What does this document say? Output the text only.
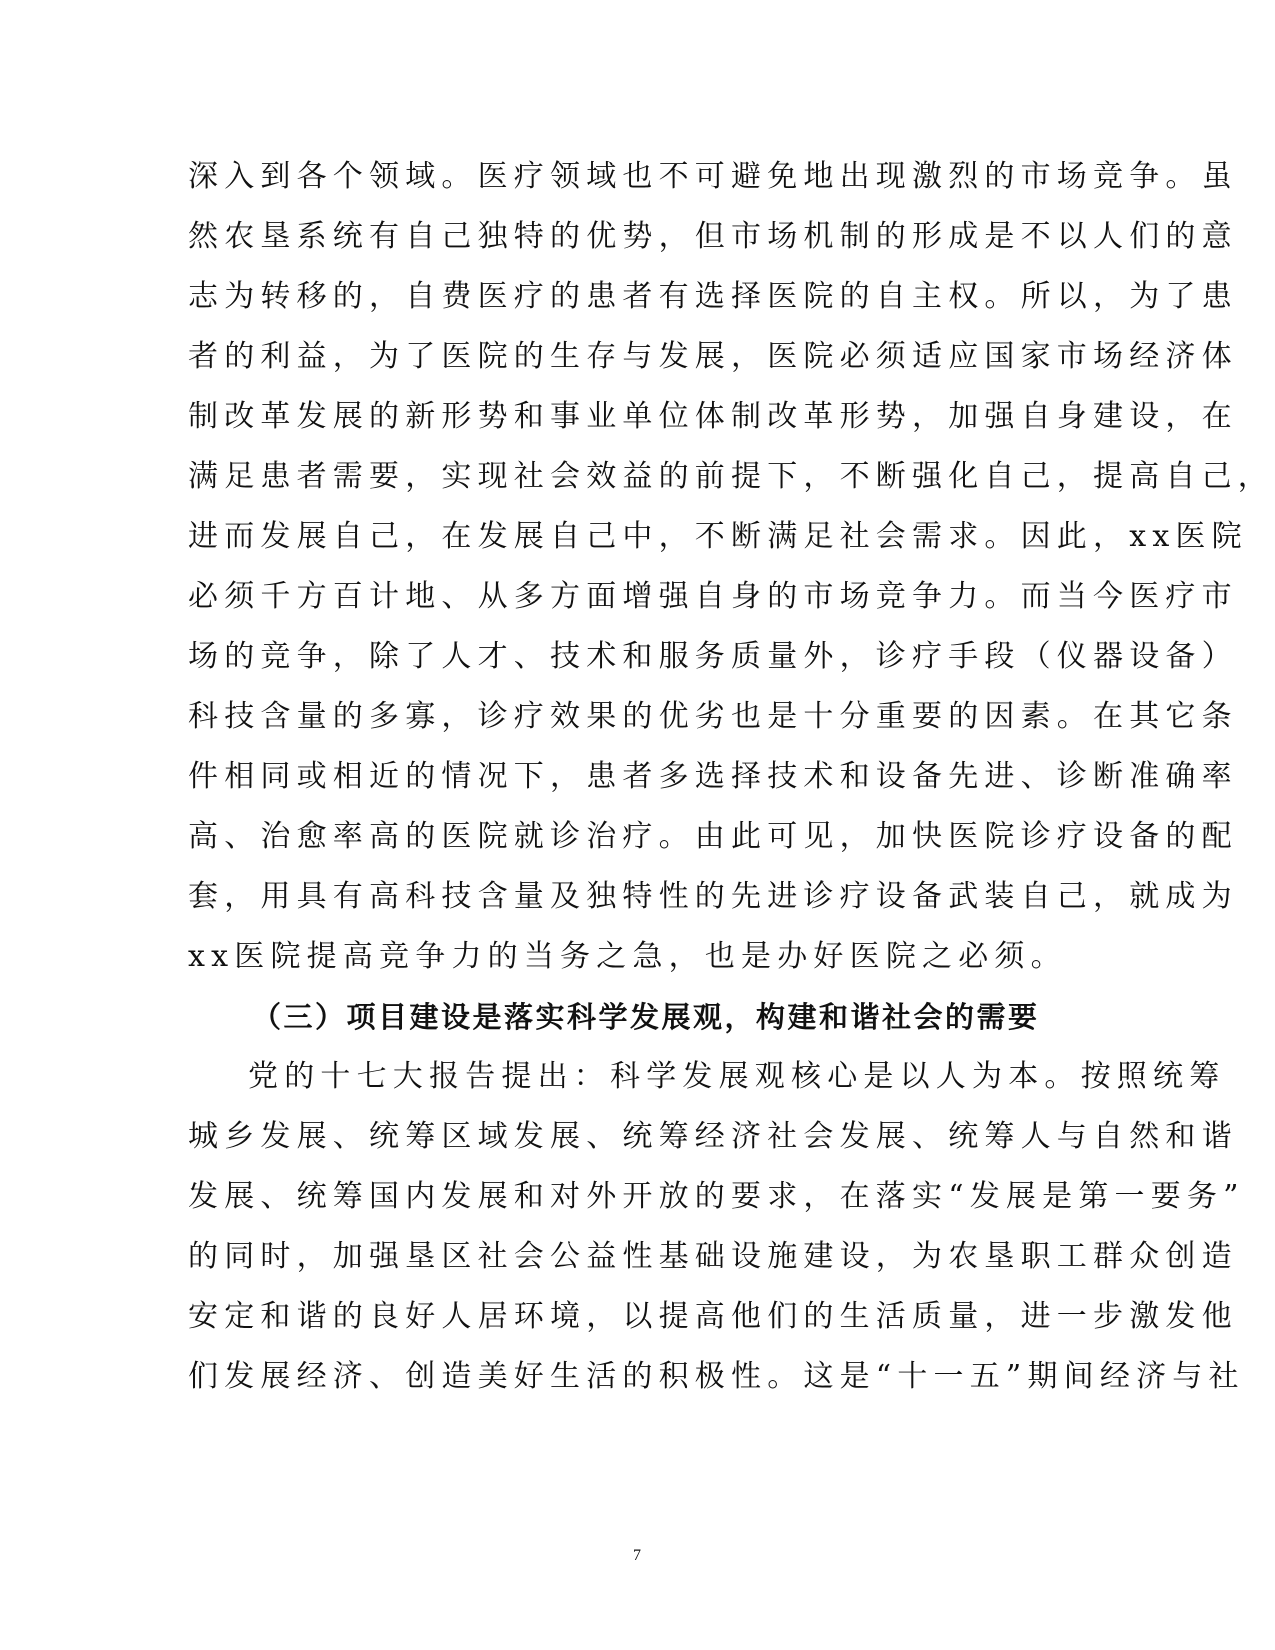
深入到各个领域。医疗领域也不可避免地出现激烈的市场竞争。虽
然农垦系统有自己独特的优势，但市场机制的形成是不以人们的意
志为转移的，自费医疗的患者有选择医院的自主权。所以，为了患
者的利益，为了医院的生存与发展，医院必须适应国家市场经济体
制改革发展的新形势和事业单位体制改革形势，加强自身建设，在
满足患者需要，实现社会效益的前提下，不断强化自己，提高自己，
进而发展自己，在发展自己中，不断满足社会需求。因此，xx医院
必须千方百计地、从多方面增强自身的市场竞争力。而当今医疗市
场的竞争，除了人才、技术和服务质量外，诊疗手段（仪器设备）
科技含量的多寡，诊疗效果的优劣也是十分重要的因素。在其它条
件相同或相近的情况下，患者多选择技术和设备先进、诊断准确率
高、治愈率高的医院就诊治疗。由此可见，加快医院诊疗设备的配
套，用具有高科技含量及独特性的先进诊疗设备武装自己，就成为
xx医院提高竞争力的当务之急，也是办好医院之必须。
（三）项目建设是落实科学发展观，构建和谐社会的需要
党的十七大报告提出：科学发展观核心是以人为本。按照统筹
城乡发展、统筹区域发展、统筹经济社会发展、统筹人与自然和谐
发展、统筹国内发展和对外开放的要求，在落实“发展是第一要务”
的同时，加强垦区社会公益性基础设施建设，为农垦职工群众创造
安定和谐的良好人居环境，以提高他们的生活质量，进一步激发他
们发展经济、创造美好生活的积极性。这是“十一五”期间经济与社
7
